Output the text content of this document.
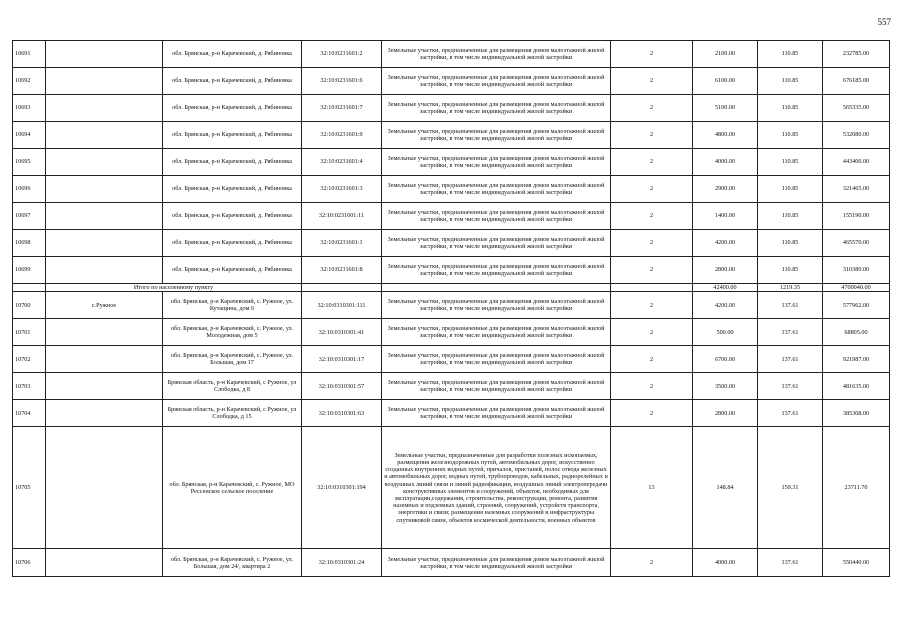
557
10691		обл. Брянская, р-н Карачевский, д. Рябиновка	32:10:0231601:2	Земельные участки, предназначенные для размещения домов малоэтажной жилой застройки, в том числе индивидуальной жилой застройки	2	2100.00	110.85	232785.00
10692		обл. Брянская, р-н Карачевский, д. Рябиновка	32:10:0231601:6	Земельные участки, предназначенные для размещения домов малоэтажной жилой застройки, в том числе индивидуальной жилой застройки	2	6100.00	110.85	676185.00
10693		обл. Брянская, р-н Карачевский, д. Рябиновка	32:10:0231601:7	Земельные участки, предназначенные для размещения домов малоэтажной жилой застройки, в том числе индивидуальной жилой застройки	2	5100.00	110.85	565335.00
10694		обл. Брянская, р-н Карачевский, д. Рябиновка	32:10:0231601:9	Земельные участки, предназначенные для размещения домов малоэтажной жилой застройки, в том числе индивидуальной жилой застройки	2	4800.00	110.85	532080.00
10695		обл. Брянская, р-н Карачевский, д. Рябиновка	32:10:0231601:4	Земельные участки, предназначенные для размещения домов малоэтажной жилой застройки, в том числе индивидуальной жилой застройки	2	4000.00	110.85	443400.00
10696		обл. Брянская, р-н Карачевский, д. Рябиновка	32:10:0231601:3	Земельные участки, предназначенные для размещения домов малоэтажной жилой застройки, в том числе индивидуальной жилой застройки	2	2900.00	110.85	321465.00
10697		обл. Брянская, р-н Карачевский, д. Рябиновка	32:10:0231601:11	Земельные участки, предназначенные для размещения домов малоэтажной жилой застройки, в том числе индивидуальной жилой застройки	2	1400.00	110.85	155190.00
10698		обл. Брянская, р-н Карачевский, д. Рябиновка	32:10:0231601:1	Земельные участки, предназначенные для размещения домов малоэтажной жилой застройки, в том числе индивидуальной жилой застройки	2	4200.00	110.85	465570.00
10699		обл. Брянская, р-н Карачевский, д. Рябиновка	32:10:0231601:8	Земельные участки, предназначенные для размещения домов малоэтажной жилой застройки, в том числе индивидуальной жилой застройки	2	2800.00	110.85	310380.00
	Итого по населенному пункту					42400.00	1219.35	4700040.00
10700	с.Ружное	обл. Брянская, р-н Карачевский, с. Ружное, ул. Кутащина, дом 6	32:10:0310301:111	Земельные участки, предназначенные для размещения домов малоэтажной жилой застройки, в том числе индивидуальной жилой застройки	2	4200.00	137.61	577962.00
10701		обл. Брянская, р-н Карачевский, с. Ружное, ул. Молодежная, дом 5	32:10:0310301:41	Земельные участки, предназначенные для размещения домов малоэтажной жилой застройки, в том числе индивидуальной жилой застройки	2	500.00	137.61	68805.00
10702		обл. Брянская, р-н Карачевский, с. Ружное, ул. Большая, дом 17	32:10:0310301:17	Земельные участки, предназначенные для размещения домов малоэтажной жилой застройки, в том числе индивидуальной жилой застройки	2	6700.00	137.61	921987.00
10703		Брянская область, р-н Карачевский, с Ружное, ул Слободка, д 8	32:10:0310301:57	Земельные участки, предназначенные для размещения домов малоэтажной жилой застройки, в том числе индивидуальной жилой застройки	2	3500.00	137.61	481635.00
10704		Брянская область, р-н Карачевский, с Ружное, ул Слободка, д 15	32:10:0310301:63	Земельные участки, предназначенные для размещения домов малоэтажной жилой застройки, в том числе индивидуальной жилой застройки	2	2800.00	137.61	385308.00
10705		обл. Брянская, р-н Карачевский, с. Ружное, МО Рессенское сельское поселение	32:10:0310301:194	Земельные участки, предназначенные для разработки полезных ископаемых, размещения железнодорожных путей, автомобильных дорог, искусственно созданных внутренних водных путей, причалов, пристаней, полос отвода железных и автомобильных дорог, водных путей, трубопроводов, кабельных, радиорелейных и воздушных линий связи и линий радиофикации, воздушных линий электропередачи конструктивных элементов и сооружений, объектов, необходимых для эксплуатации,содержания, строительства, реконструкции, ремонта, развития наземных и подземных зданий, строений, сооружений, устройств транспорта, энергетики и связи; размещения наземных сооружений и инфраструктуры спутниковой связи, объектов космической деятельности, военных объектов	13	148.84	159.31	23711.70
10706		обл. Брянская, р-н Карачевский, с. Ружное, ул. Большая, дом 24/, квартира 2	32:10:0310301:24	Земельные участки, предназначенные для размещения домов малоэтажной жилой застройки, в том числе индивидуальной жилой застройки	2	4000.00	137.61	550440.00
